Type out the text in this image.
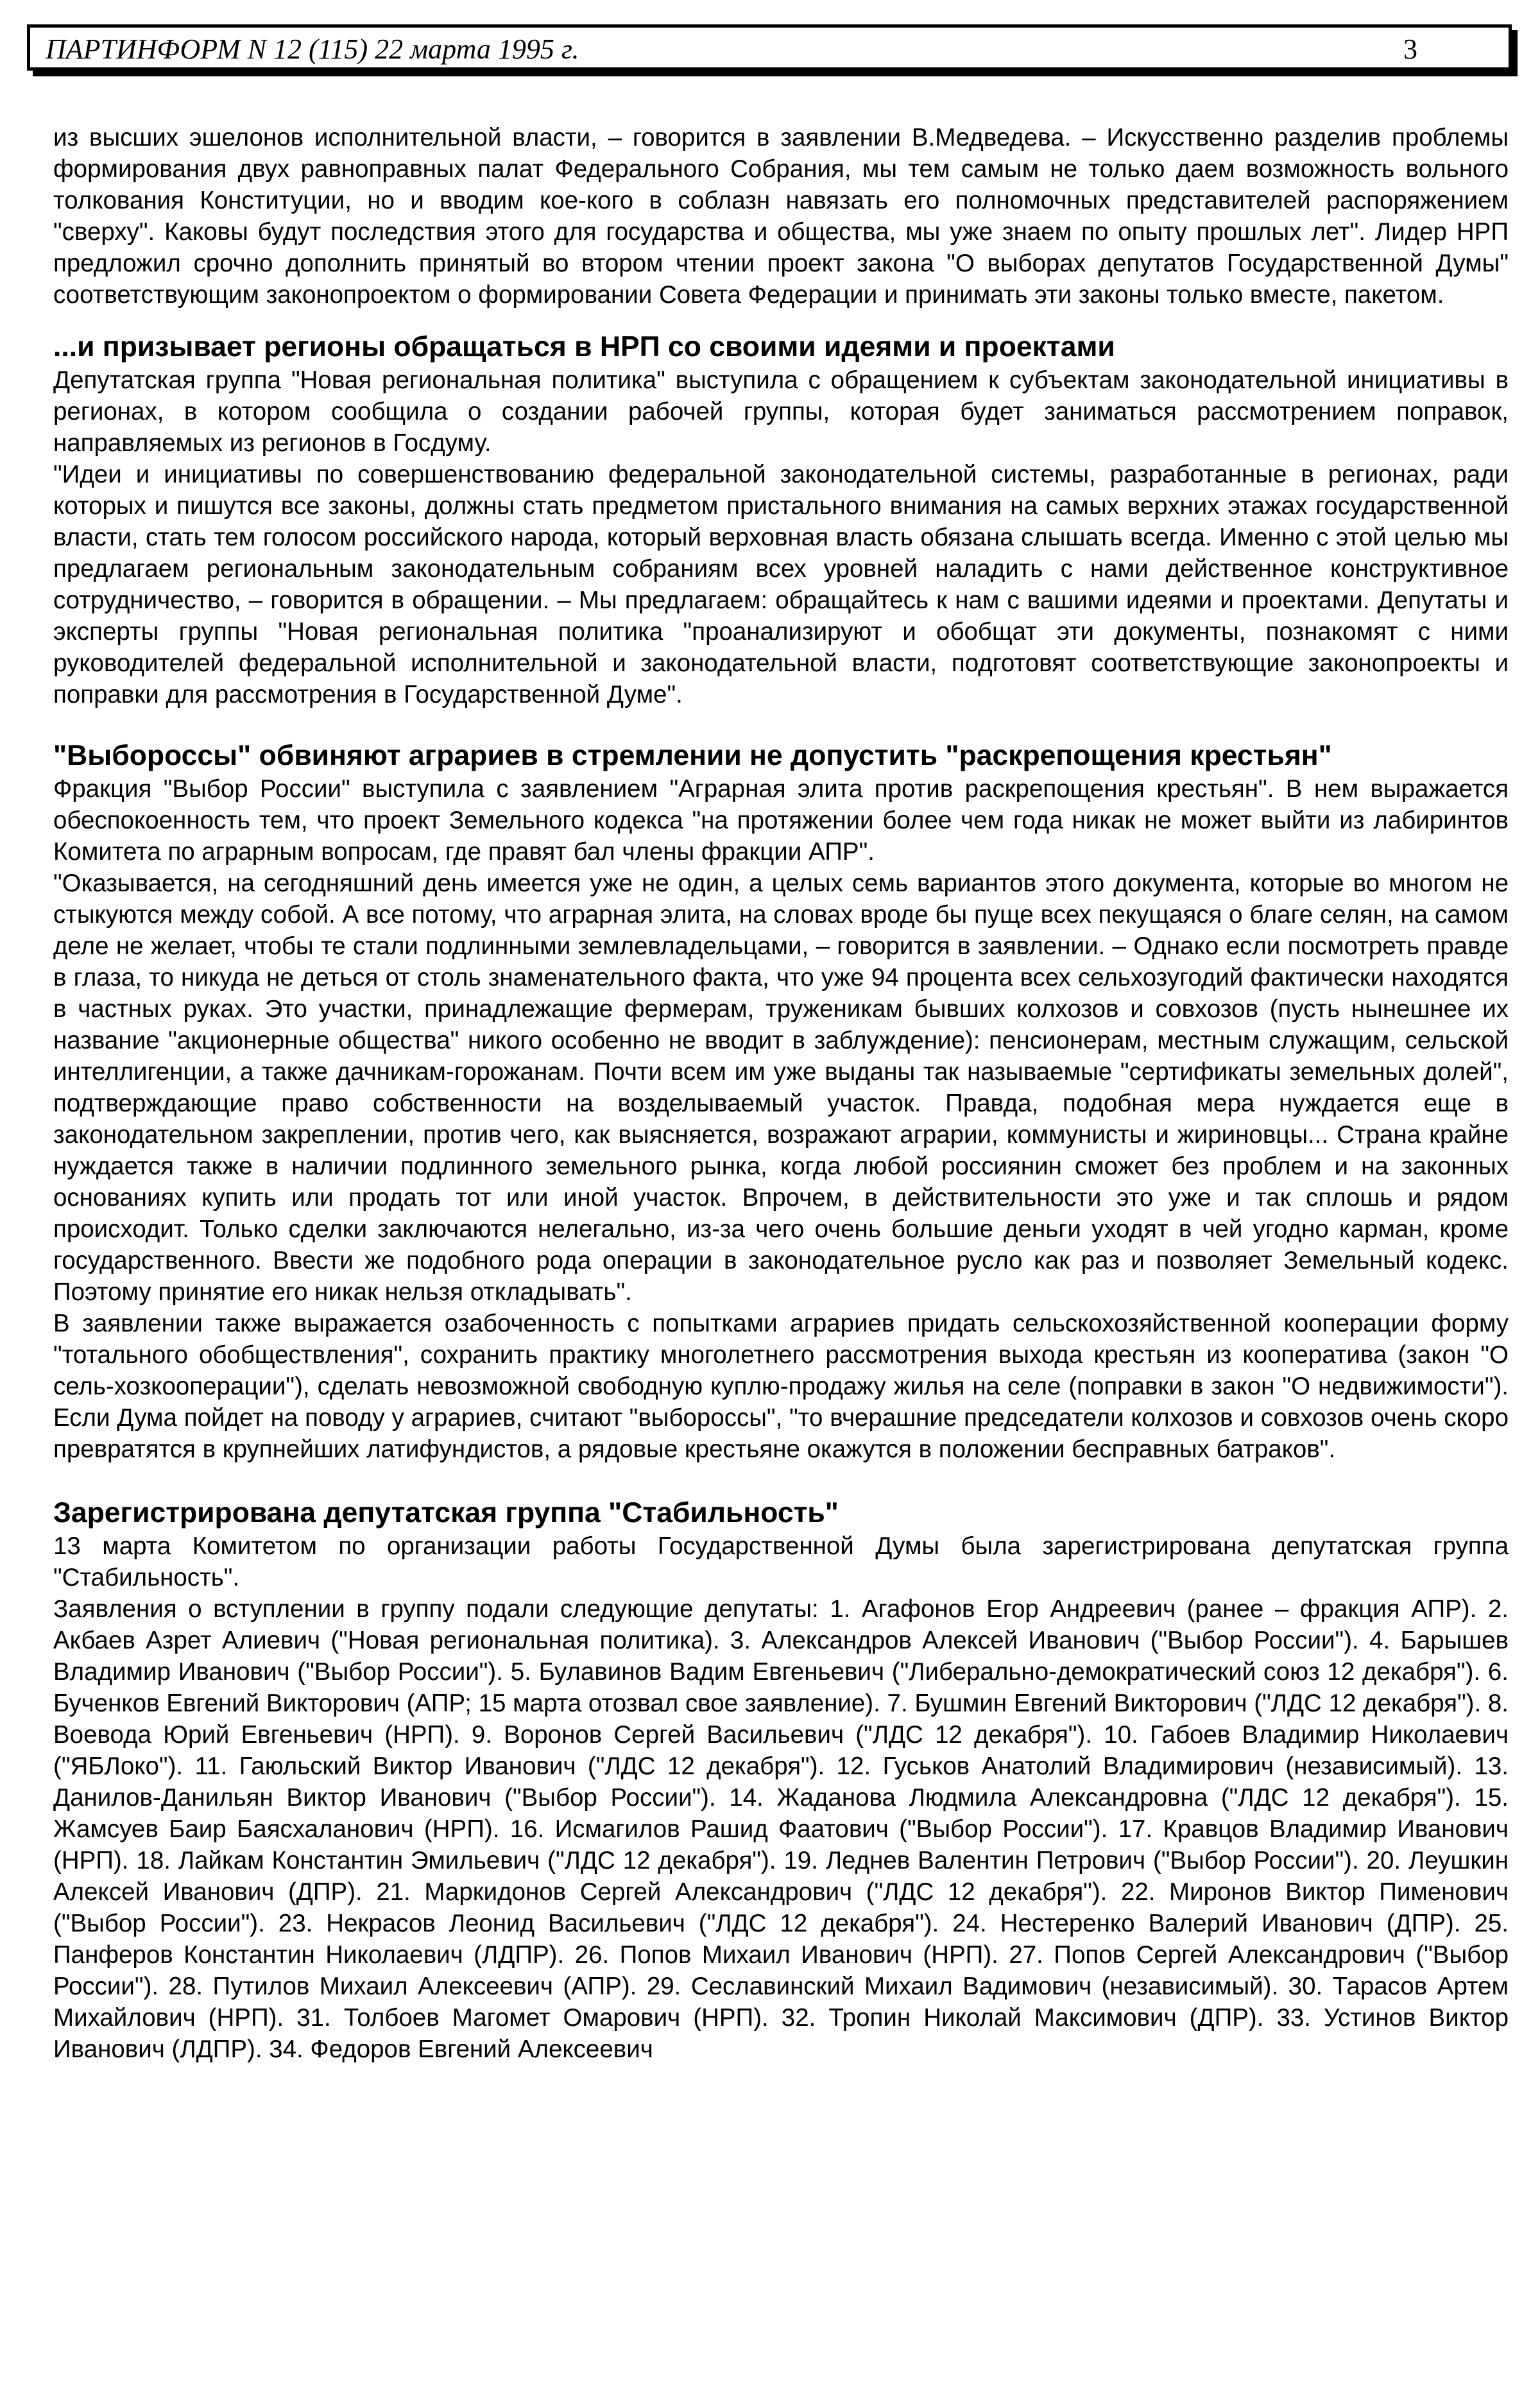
ПАРТИНФОРМ N 12 (115) 22 марта 1995 г.	3

из высших эшелонов исполнительной власти, – говорится в заявлении В.Медведева. – Искусственно разделив проблемы формирования двух равноправных палат Федерального Собрания, мы тем самым не только даем возможность вольного толкования Конституции, но и вводим кое-кого в соблазн навязать его полномочных представителей распоряжением "сверху". Каковы будут последствия этого для государства и общества, мы уже знаем по опыту прошлых лет". Лидер НРП предложил срочно дополнить принятый во втором чтении проект закона "О выборах депутатов Государственной Думы" соответствующим законопроектом о формировании Совета Федерации и принимать эти законы только вместе, пакетом.

...и призывает регионы обращаться в НРП со своими идеями и проектами

Депутатская группа "Новая региональная политика" выступила с обращением к субъектам законодательной инициативы в регионах, в котором сообщила о создании рабочей группы, которая будет заниматься рассмотрением поправок, направляемых из регионов в Госдуму.

"Идеи и инициативы по совершенствованию федеральной законодательной системы, разработанные в регионах, ради которых и пишутся все законы, должны стать предметом пристального внимания на самых верхних этажах государственной власти, стать тем голосом российского народа, который верховная власть обязана слышать всегда. Именно с этой целью мы предлагаем региональным законодательным собраниям всех уровней наладить с нами действенное конструктивное сотрудничество, – говорится в обращении. – Мы предлагаем: обращайтесь к нам с вашими идеями и проектами. Депутаты и эксперты группы "Новая региональная политика "проанализируют и обобщат эти документы, познакомят с ними руководителей федеральной исполнительной и законодательной власти, подготовят соответствующие законопроекты и поправки для рассмотрения в Государственной Думе".

"Выбороссы" обвиняют аграриев в стремлении не допустить "раскрепощения крестьян"

Фракция "Выбор России" выступила с заявлением "Аграрная элита против раскрепощения крестьян". В нем выражается обеспокоенность тем, что проект Земельного кодекса "на протяжении более чем года никак не может выйти из лабиринтов Комитета по аграрным вопросам, где правят бал члены фракции АПР".

"Оказывается, на сегодняшний день имеется уже не один, а целых семь вариантов этого документа, которые во многом не стыкуются между собой. А все потому, что аграрная элита, на словах вроде бы пуще всех пекущаяся о благе селян, на самом деле не желает, чтобы те стали подлинными землевладельцами, – говорится в заявлении. – Однако если посмотреть правде в глаза, то никуда не деться от столь знаменательного факта, что уже 94 процента всех сельхозугодий фактически находятся в частных руках. Это участки, принадлежащие фермерам, труженикам бывших колхозов и совхозов (пусть нынешнее их название "акционерные общества" никого особенно не вводит в заблуждение): пенсионерам, местным служащим, сельской интеллигенции, а также дачникам-горожанам. Почти всем им уже выданы так называемые "сертификаты земельных долей", подтверждающие право собственности на возделываемый участок. Правда, подобная мера нуждается еще в законодательном закреплении, против чего, как выясняется, возражают аграрии, коммунисты и жириновцы... Страна крайне нуждается также в наличии подлинного земельного рынка, когда любой россиянин сможет без проблем и на законных основаниях купить или продать тот или иной участок. Впрочем, в действительности это уже и так сплошь и рядом происходит. Только сделки заключаются нелегально, из-за чего очень большие деньги уходят в чей угодно карман, кроме государственного. Ввести же подобного рода операции в законодательное русло как раз и позволяет Земельный кодекс. Поэтому принятие его никак нельзя откладывать".

В заявлении также выражается озабоченность с попытками аграриев придать сельскохозяйственной кооперации форму "тотального обобществления", сохранить практику многолетнего рассмотрения выхода крестьян из кооператива (закон "О сель-хозкооперации"), сделать невозможной свободную куплю-продажу жилья на селе (поправки в закон "О недвижимости"). Если Дума пойдет на поводу у аграриев, считают "выбороссы", "то вчерашние председатели колхозов и совхозов очень скоро превратятся в крупнейших латифундистов, а рядовые крестьяне окажутся в положении бесправных батраков".

Зарегистрирована депутатская группа "Стабильность"

13 марта Комитетом по организации работы Государственной Думы была зарегистрирована депутатская группа "Стабильность".

Заявления о вступлении в группу подали следующие депутаты: 1. Агафонов Егор Андреевич (ранее – фракция АПР). 2. Акбаев Азрет Алиевич ("Новая региональная политика). 3. Александров Алексей Иванович ("Выбор России"). 4. Барышев Владимир Иванович ("Выбор России"). 5. Булавинов Вадим Евгеньевич ("Либерально-демократический союз 12 декабря"). 6. Бученков Евгений Викторович (АПР; 15 марта отозвал свое заявление). 7. Бушмин Евгений Викторович ("ЛДС 12 декабря"). 8. Воевода Юрий Евгеньевич (НРП). 9. Воронов Сергей Васильевич ("ЛДС 12 декабря"). 10. Габоев Владимир Николаевич ("ЯБЛоко"). 11. Гаюльский Виктор Иванович ("ЛДС 12 декабря"). 12. Гуськов Анатолий Владимирович (независимый). 13. Данилов-Данильян Виктор Иванович ("Выбор России"). 14. Жаданова Людмила Александровна ("ЛДС 12 декабря"). 15. Жамсуев Баир Баясхаланович (НРП). 16. Исмагилов Рашид Фаатович ("Выбор России"). 17. Кравцов Владимир Иванович (НРП). 18. Лайкам Константин Эмильевич ("ЛДС 12 декабря"). 19. Леднев Валентин Петрович ("Выбор России"). 20. Леушкин Алексей Иванович (ДПР). 21. Маркидонов Сергей Александрович ("ЛДС 12 декабря"). 22. Миронов Виктор Пименович ("Выбор России"). 23. Некрасов Леонид Васильевич ("ЛДС 12 декабря"). 24. Нестеренко Валерий Иванович (ДПР). 25. Панферов Константин Николаевич (ЛДПР). 26. Попов Михаил Иванович (НРП). 27. Попов Сергей Александрович ("Выбор России"). 28. Путилов Михаил Алексеевич (АПР). 29. Сеславинский Михаил Вадимович (независимый). 30. Тарасов Артем Михайлович (НРП). 31. Толбоев Магомет Омарович (НРП). 32. Тропин Николай Максимович (ДПР). 33. Устинов Виктор Иванович (ЛДПР). 34. Федоров Евгений Алексеевич
